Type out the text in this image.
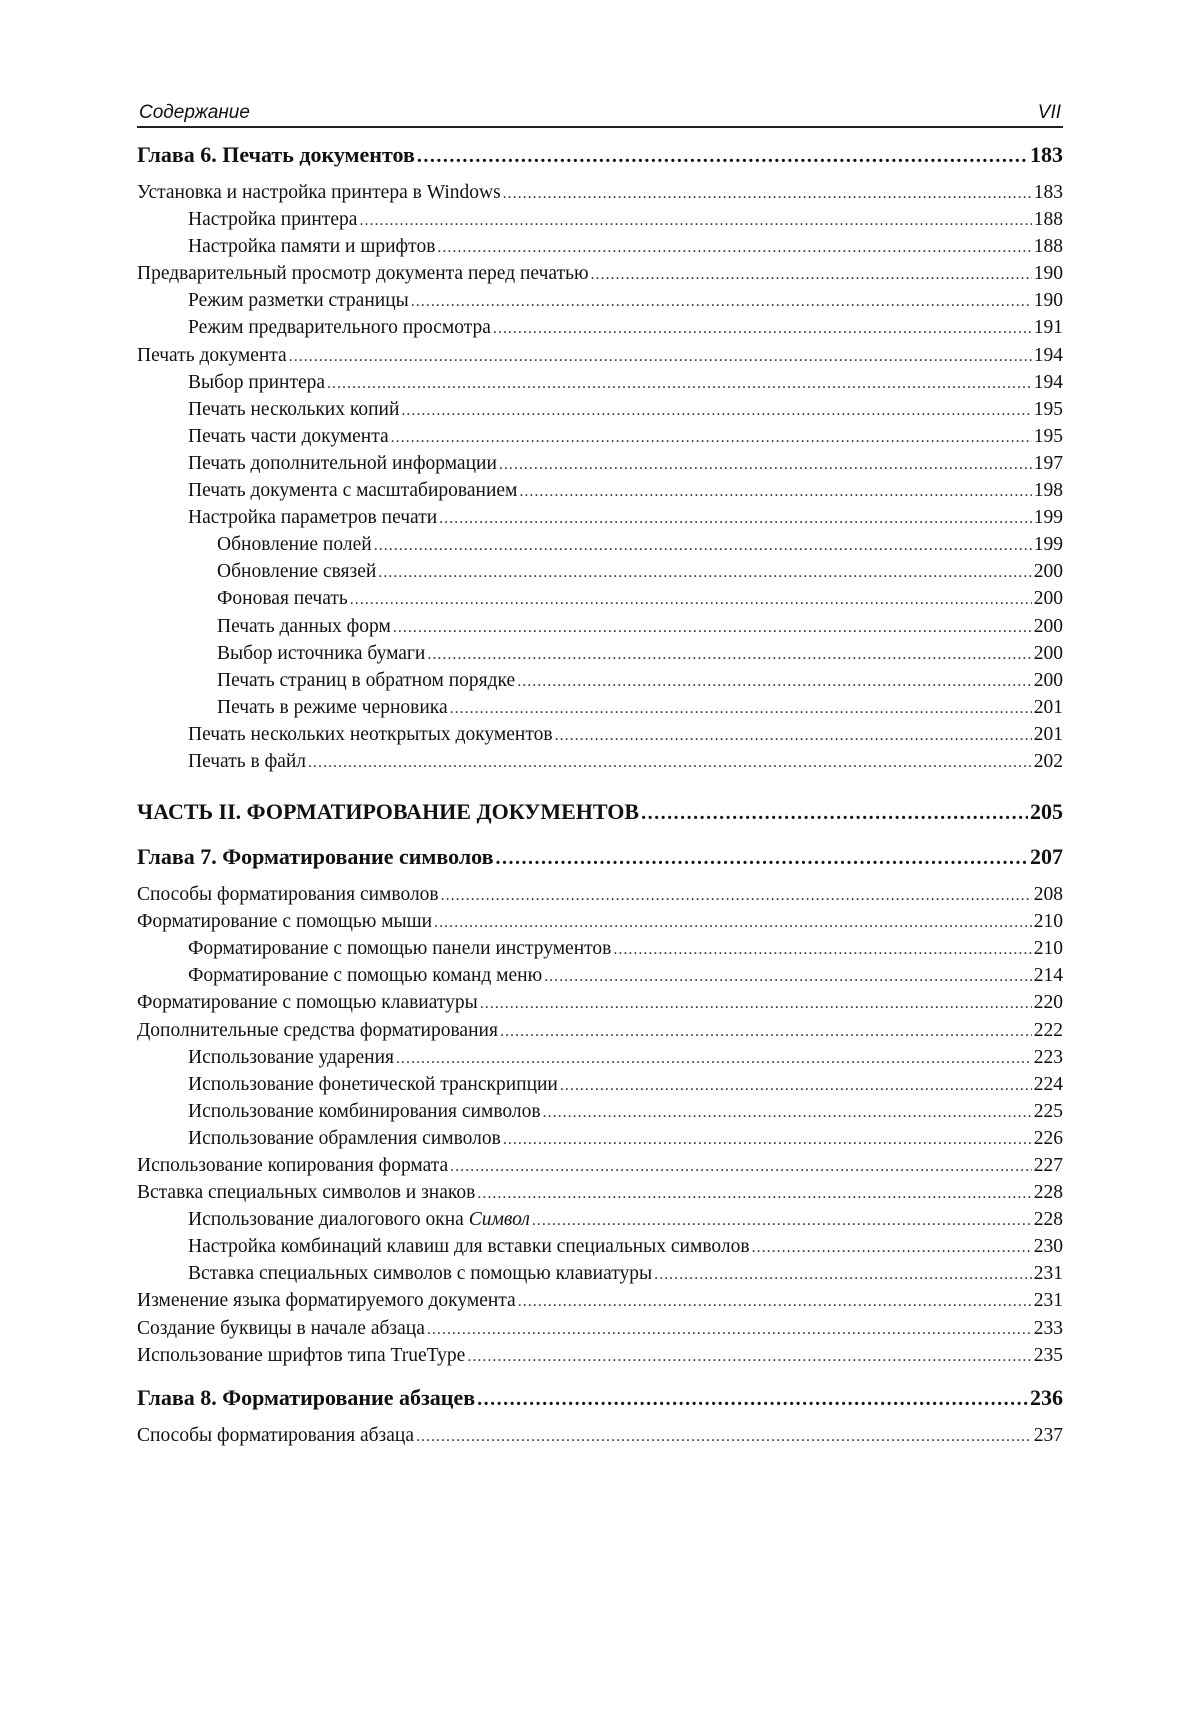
Содержание	VII
Глава 6. Печать документов .....	183
Установка и настройка принтера в Windows .....	183
Настройка принтера .....	188
Настройка памяти и шрифтов .....	188
Предварительный просмотр документа перед печатью .....	190
Режим разметки страницы .....	190
Режим предварительного просмотра .....	191
Печать документа .....	194
Выбор принтера .....	194
Печать нескольких копий .....	195
Печать части документа .....	195
Печать дополнительной информации .....	197
Печать документа с масштабированием .....	198
Настройка параметров печати .....	199
Обновление полей .....	199
Обновление связей .....	200
Фоновая печать .....	200
Печать данных форм .....	200
Выбор источника бумаги .....	200
Печать страниц в обратном порядке .....	200
Печать в режиме черновика .....	201
Печать нескольких неоткрытых документов .....	201
Печать в файл .....	202
ЧАСТЬ II. ФОРМАТИРОВАНИЕ ДОКУМЕНТОВ .....	205
Глава 7. Форматирование символов .....	207
Способы форматирования символов .....	208
Форматирование с помощью мыши .....	210
Форматирование с помощью панели инструментов .....	210
Форматирование с помощью команд меню .....	214
Форматирование с помощью клавиатуры .....	220
Дополнительные средства форматирования .....	222
Использование ударения .....	223
Использование фонетической транскрипции .....	224
Использование комбинирования символов .....	225
Использование обрамления символов .....	226
Использование копирования формата .....	227
Вставка специальных символов и знаков .....	228
Использование диалогового окна Символ .....	228
Настройка комбинаций клавиш для вставки специальных символов .....	230
Вставка специальных символов с помощью клавиатуры .....	231
Изменение языка форматируемого документа .....	231
Создание буквицы в начале абзаца .....	233
Использование шрифтов типа TrueType .....	235
Глава 8. Форматирование абзацев .....	236
Способы форматирования абзаца .....	237
